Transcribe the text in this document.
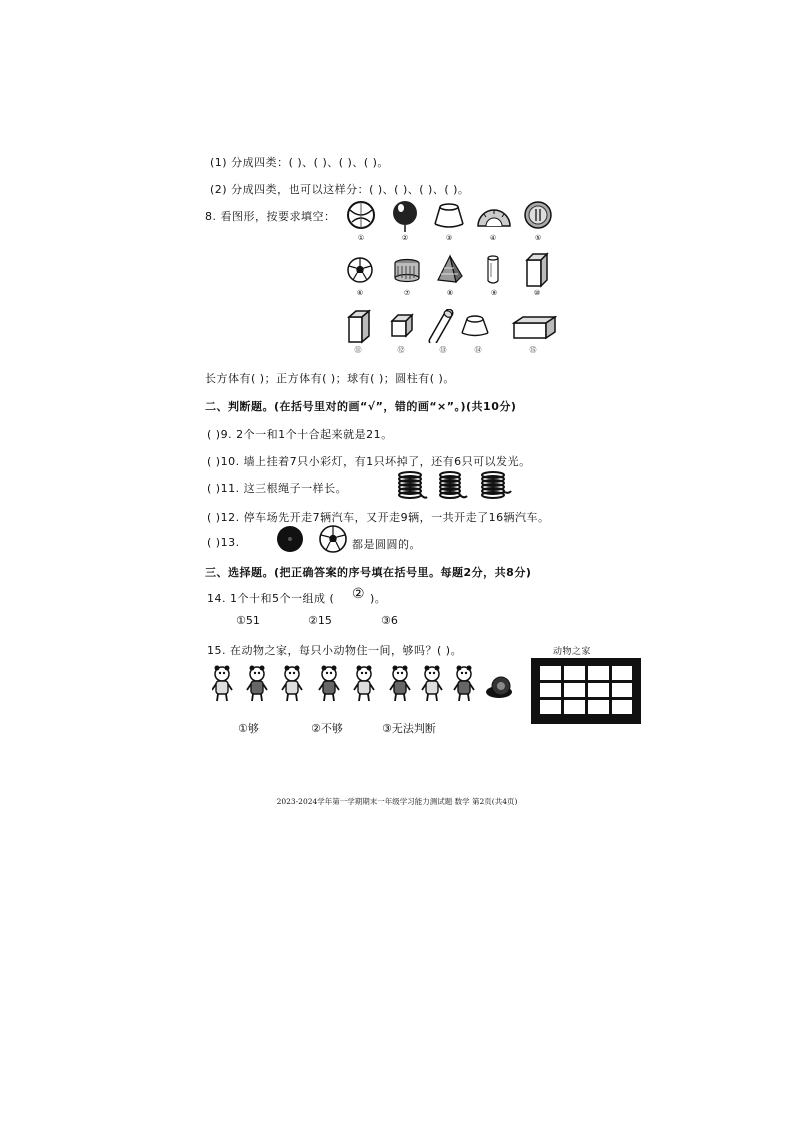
(1) 分成四类：( )、( )、( )、( )。
(2) 分成四类，也可以这样分：( )、( )、( )、( )。
8. 看图形，按要求填空：
①	②	③	④	⑤
⑥	⑦	⑧	⑨	⑩
⑪	⑫	⑬	⑭	⑮
长方体有( )；正方体有( )；球有( )；圆柱有( )。
二、判断题。(在括号里对的画“√”，错的画“×”。)(共10分)
( )9. 2个一和1个十合起来就是21。
( )10. 墙上挂着7只小彩灯，有1只坏掉了，还有6只可以发光。
( )11. 这三根绳子一样长。
( )12. 停车场先开走7辆汽车，又开走9辆，一共开走了16辆汽车。
( )13.	都是圆圆的。
三、选择题。(把正确答案的序号填在括号里。每题2分，共8分)
14. 1个十和5个一组成 ( ② )。
①51	②15	③6
15. 在动物之家，每只小动物住一间，够吗？( )。	动物之家
①够	②不够	③无法判断
2023-2024学年第一学期期末一年级学习能力测试题 数学 第2页(共4页)
